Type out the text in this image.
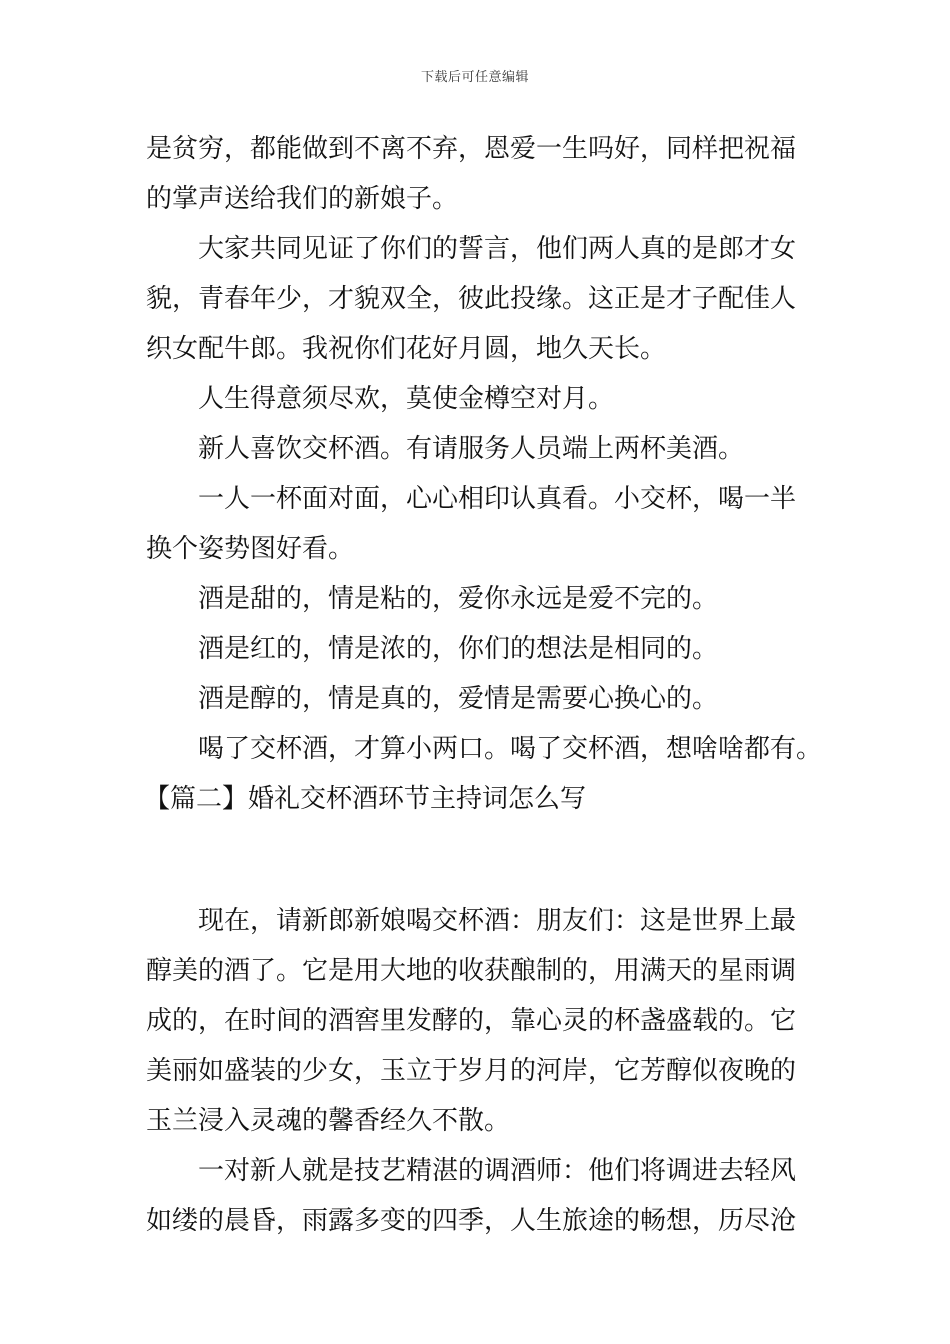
下载后可任意编辑

是贫穷，都能做到不离不弃，恩爱一生吗好，同样把祝福

的掌声送给我们的新娘子。

大家共同见证了你们的誓言，他们两人真的是郎才女

貌，青春年少，才貌双全，彼此投缘。这正是才子配佳人

织女配牛郎。我祝你们花好月圆，地久天长。

人生得意须尽欢，莫使金樽空对月。

新人喜饮交杯酒。有请服务人员端上两杯美酒。

一人一杯面对面，心心相印认真看。小交杯，喝一半

换个姿势图好看。

酒是甜的，情是粘的，爱你永远是爱不完的。

酒是红的，情是浓的，你们的想法是相同的。

酒是醇的，情是真的，爱情是需要心换心的。

喝了交杯酒，才算小两口。喝了交杯酒，想啥啥都有。

【篇二】婚礼交杯酒环节主持词怎么写

现在，请新郎新娘喝交杯酒：朋友们：这是世界上最

醇美的酒了。它是用大地的收获酿制的，用满天的星雨调

成的，在时间的酒窖里发酵的，靠心灵的杯盏盛载的。它

美丽如盛装的少女，玉立于岁月的河岸，它芳醇似夜晚的

玉兰浸入灵魂的馨香经久不散。

一对新人就是技艺精湛的调酒师：他们将调进去轻风

如缕的晨昏，雨露多变的四季，人生旅途的畅想，历尽沧
